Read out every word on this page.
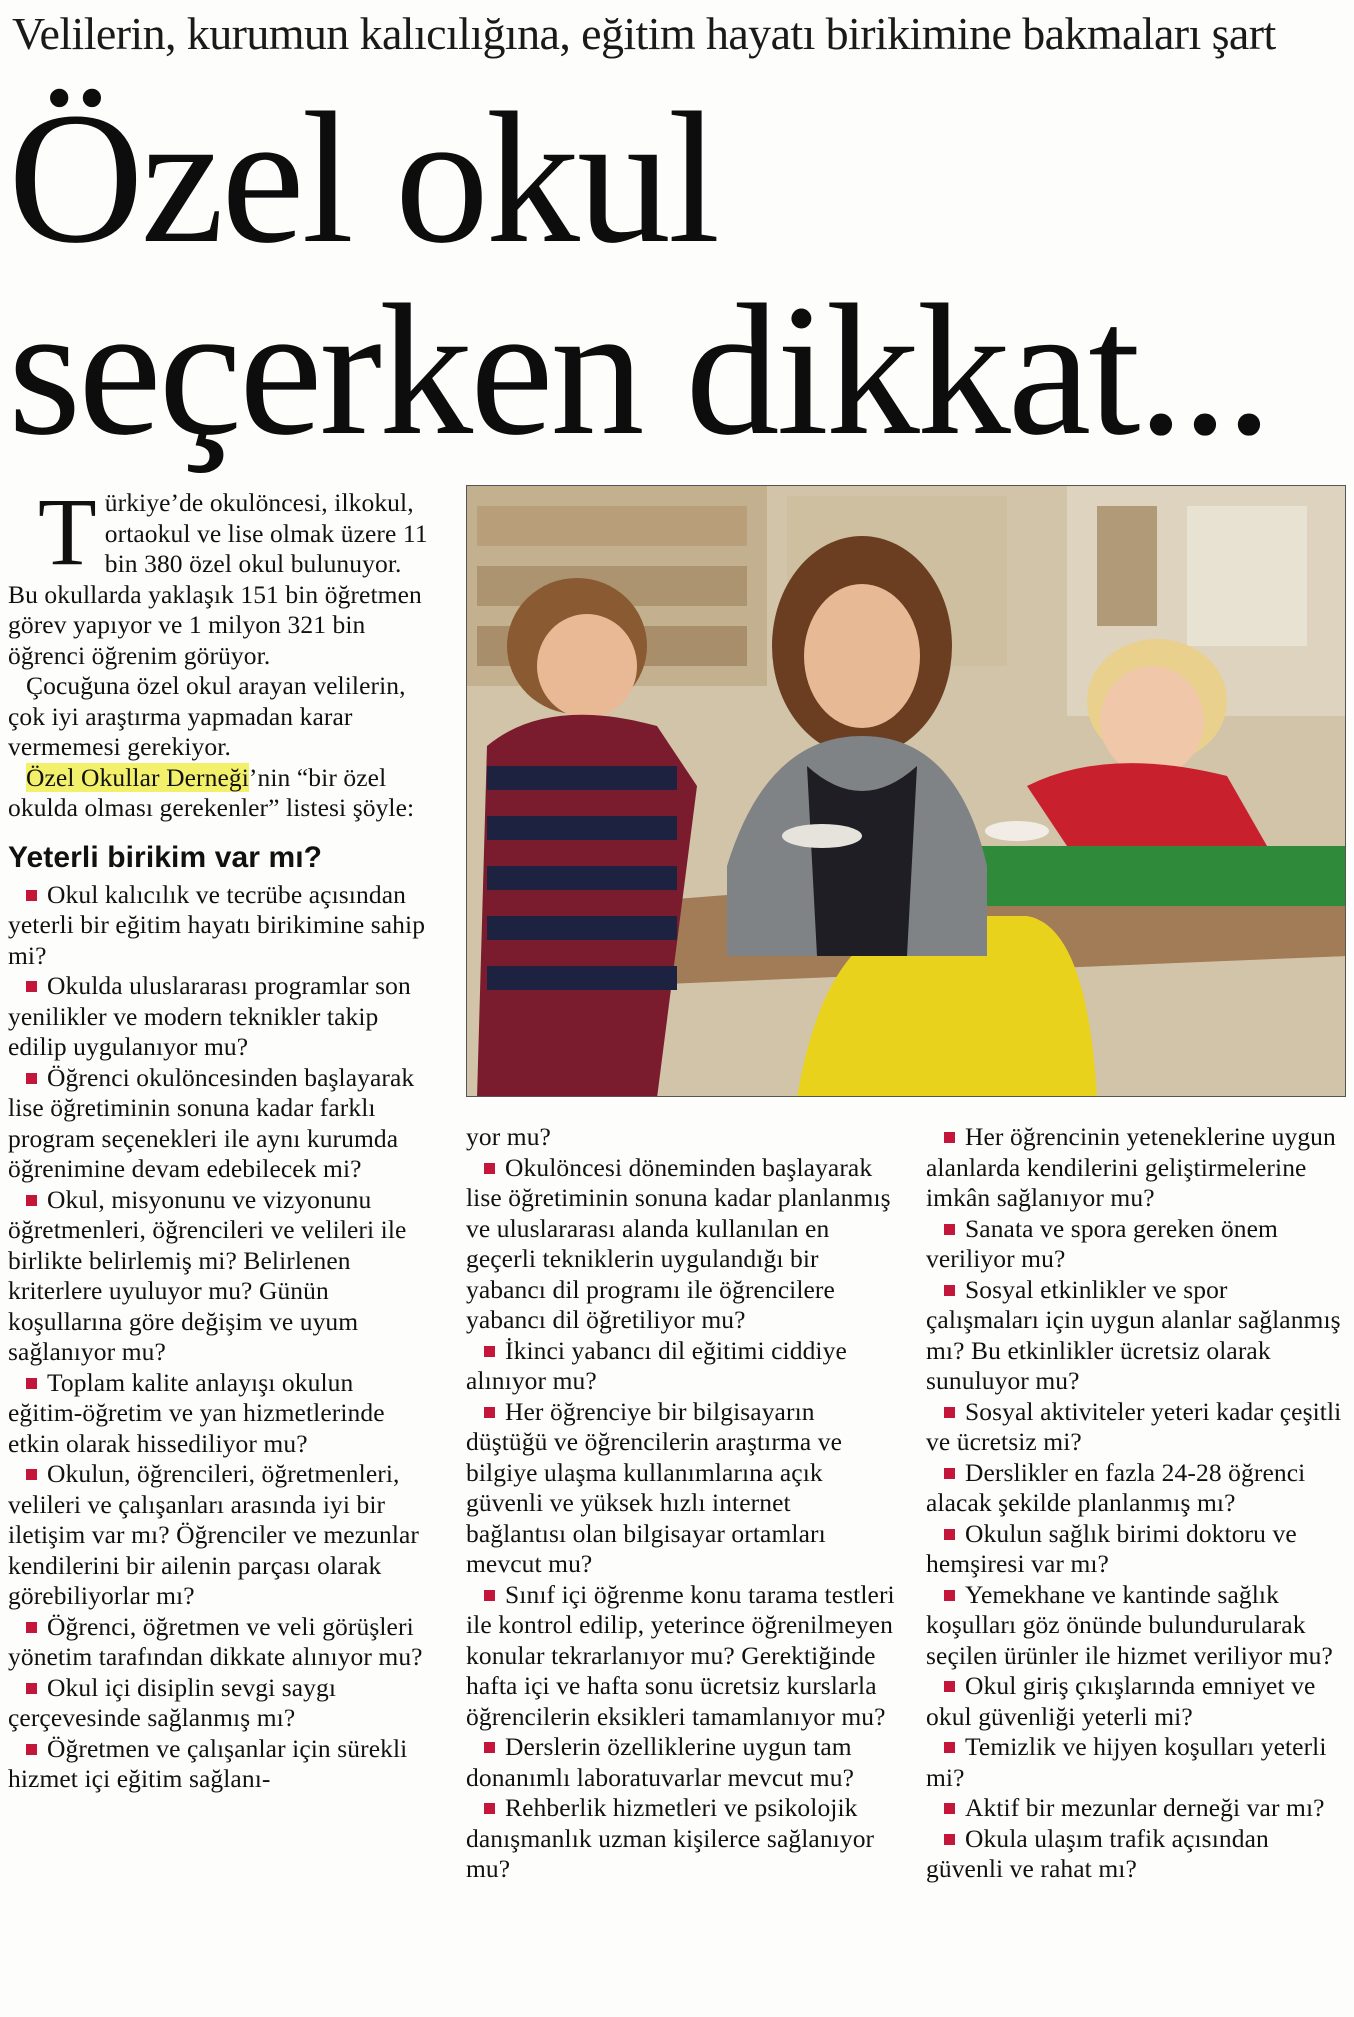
Velilerin, kurumun kalıcılığına, eğitim hayatı birikimine bakmaları şart
Özel okul
seçerken dikkat...

Türkiye’de okulöncesi, ilkokul, ortaokul ve lise olmak üzere 11 bin 380 özel okul bulunuyor. Bu okullarda yaklaşık 151 bin öğretmen görev yapıyor ve 1 milyon 321 bin öğrenci öğrenim görüyor.

Çocuğuna özel okul arayan velilerin, çok iyi araştırma yapmadan karar vermemesi gerekiyor.

Özel Okullar Derneği’nin “bir özel okulda olması gerekenler” listesi şöyle:

Yeterli birikim var mı?

Okul kalıcılık ve tecrübe açısından yeterli bir eğitim hayatı birikimine sahip mi?

Okulda uluslararası programlar son yenilikler ve modern teknikler takip edilip uygulanıyor mu?

Öğrenci okulöncesinden başlayarak lise öğretiminin sonuna kadar farklı program seçenekleri ile aynı kurumda öğrenimine devam edebilecek mi?

Okul, misyonunu ve vizyonunu öğretmenleri, öğrencileri ve velileri ile birlikte belirlemiş mi? Belirlenen kriterlere uyuluyor mu? Günün koşullarına göre değişim ve uyum sağlanıyor mu?

Toplam kalite anlayışı okulun eğitim-öğretim ve yan hizmetlerinde etkin olarak hissediliyor mu?

Okulun, öğrencileri, öğretmenleri, velileri ve çalışanları arasında iyi bir iletişim var mı? Öğrenciler ve mezunlar kendilerini bir ailenin parçası olarak görebiliyorlar mı?

Öğrenci, öğretmen ve veli görüşleri yönetim tarafından dikkate alınıyor mu?

Okul içi disiplin sevgi saygı çerçevesinde sağlanmış mı?

Öğretmen ve çalışanlar için sürekli hizmet içi eğitim sağlanı-

yor mu?

Okulöncesi döneminden başlayarak lise öğretiminin sonuna kadar planlanmış ve uluslararası alanda kullanılan en geçerli tekniklerin uygulandığı bir yabancı dil programı ile öğrencilere yabancı dil öğretiliyor mu?

İkinci yabancı dil eğitimi ciddiye alınıyor mu?

Her öğrenciye bir bilgisayarın düştüğü ve öğrencilerin araştırma ve bilgiye ulaşma kullanımlarına açık güvenli ve yüksek hızlı internet bağlantısı olan bilgisayar ortamları mevcut mu?

Sınıf içi öğrenme konu tarama testleri ile kontrol edilip, yeterince öğrenilmeyen konular tekrarlanıyor mu? Gerektiğinde hafta içi ve hafta sonu ücretsiz kurslarla öğrencilerin eksikleri tamamlanıyor mu?

Derslerin özelliklerine uygun tam donanımlı laboratuvarlar mevcut mu?

Rehberlik hizmetleri ve psikolojik danışmanlık uzman kişilerce sağlanıyor mu?

Her öğrencinin yeteneklerine uygun alanlarda kendilerini geliştirmelerine imkân sağlanıyor mu?

Sanata ve spora gereken önem veriliyor mu?

Sosyal etkinlikler ve spor çalışmaları için uygun alanlar sağlanmış mı? Bu etkinlikler ücretsiz olarak sunuluyor mu?

Sosyal aktiviteler yeteri kadar çeşitli ve ücretsiz mi?

Derslikler en fazla 24-28 öğrenci alacak şekilde planlanmış mı?

Okulun sağlık birimi doktoru ve hemşiresi var mı?

Yemekhane ve kantinde sağlık koşulları göz önünde bulundurularak seçilen ürünler ile hizmet veriliyor mu?

Okul giriş çıkışlarında emniyet ve okul güvenliği yeterli mi?

Temizlik ve hijyen koşulları yeterli mi?

Aktif bir mezunlar derneği var mı?

Okula ulaşım trafik açısından güvenli ve rahat mı?
